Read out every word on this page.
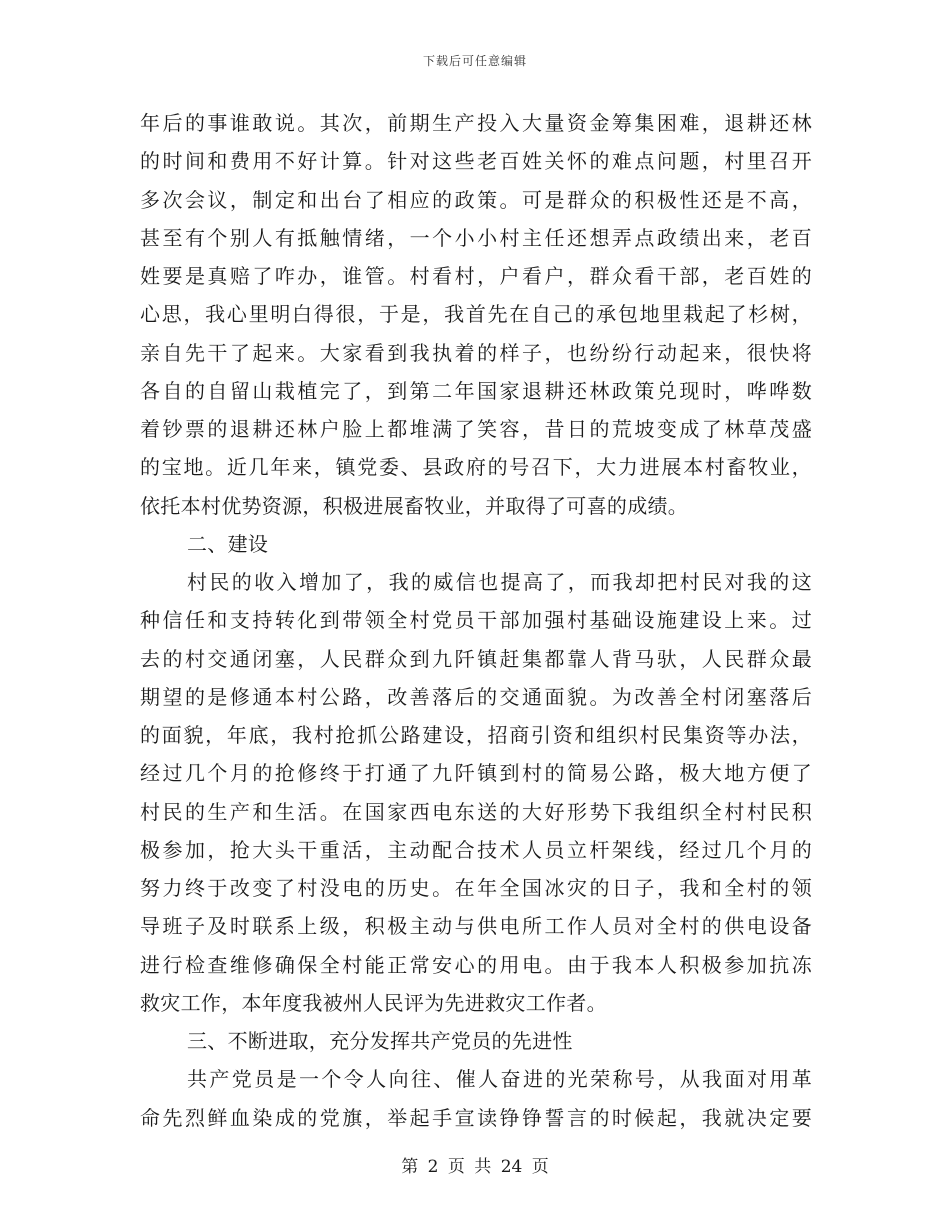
下载后可任意编辑
年后的事谁敢说。其次，前期生产投入大量资金筹集困难，退耕还林
的时间和费用不好计算。针对这些老百姓关怀的难点问题，村里召开
多次会议，制定和出台了相应的政策。可是群众的积极性还是不高，
甚至有个别人有抵触情绪，一个小小村主任还想弄点政绩出来，老百
姓要是真赔了咋办，谁管。村看村，户看户，群众看干部，老百姓的
心思，我心里明白得很，于是，我首先在自己的承包地里栽起了杉树，
亲自先干了起来。大家看到我执着的样子，也纷纷行动起来，很快将
各自的自留山栽植完了，到第二年国家退耕还林政策兑现时，哗哗数
着钞票的退耕还林户脸上都堆满了笑容，昔日的荒坡变成了林草茂盛
的宝地。近几年来，镇党委、县政府的号召下，大力进展本村畜牧业，
依托本村优势资源，积极进展畜牧业，并取得了可喜的成绩。
二、建设
村民的收入增加了，我的威信也提高了，而我却把村民对我的这
种信任和支持转化到带领全村党员干部加强村基础设施建设上来。过
去的村交通闭塞，人民群众到九阡镇赶集都靠人背马驮，人民群众最
期望的是修通本村公路，改善落后的交通面貌。为改善全村闭塞落后
的面貌，年底，我村抢抓公路建设，招商引资和组织村民集资等办法，
经过几个月的抢修终于打通了九阡镇到村的简易公路，极大地方便了
村民的生产和生活。在国家西电东送的大好形势下我组织全村村民积
极参加，抢大头干重活，主动配合技术人员立杆架线，经过几个月的
努力终于改变了村没电的历史。在年全国冰灾的日子，我和全村的领
导班子及时联系上级，积极主动与供电所工作人员对全村的供电设备
进行检查维修确保全村能正常安心的用电。由于我本人积极参加抗冻
救灾工作，本年度我被州人民评为先进救灾工作者。
三、不断进取，充分发挥共产党员的先进性
共产党员是一个令人向往、催人奋进的光荣称号，从我面对用革
命先烈鲜血染成的党旗，举起手宣读铮铮誓言的时候起，我就决定要
第 2 页 共 24 页
